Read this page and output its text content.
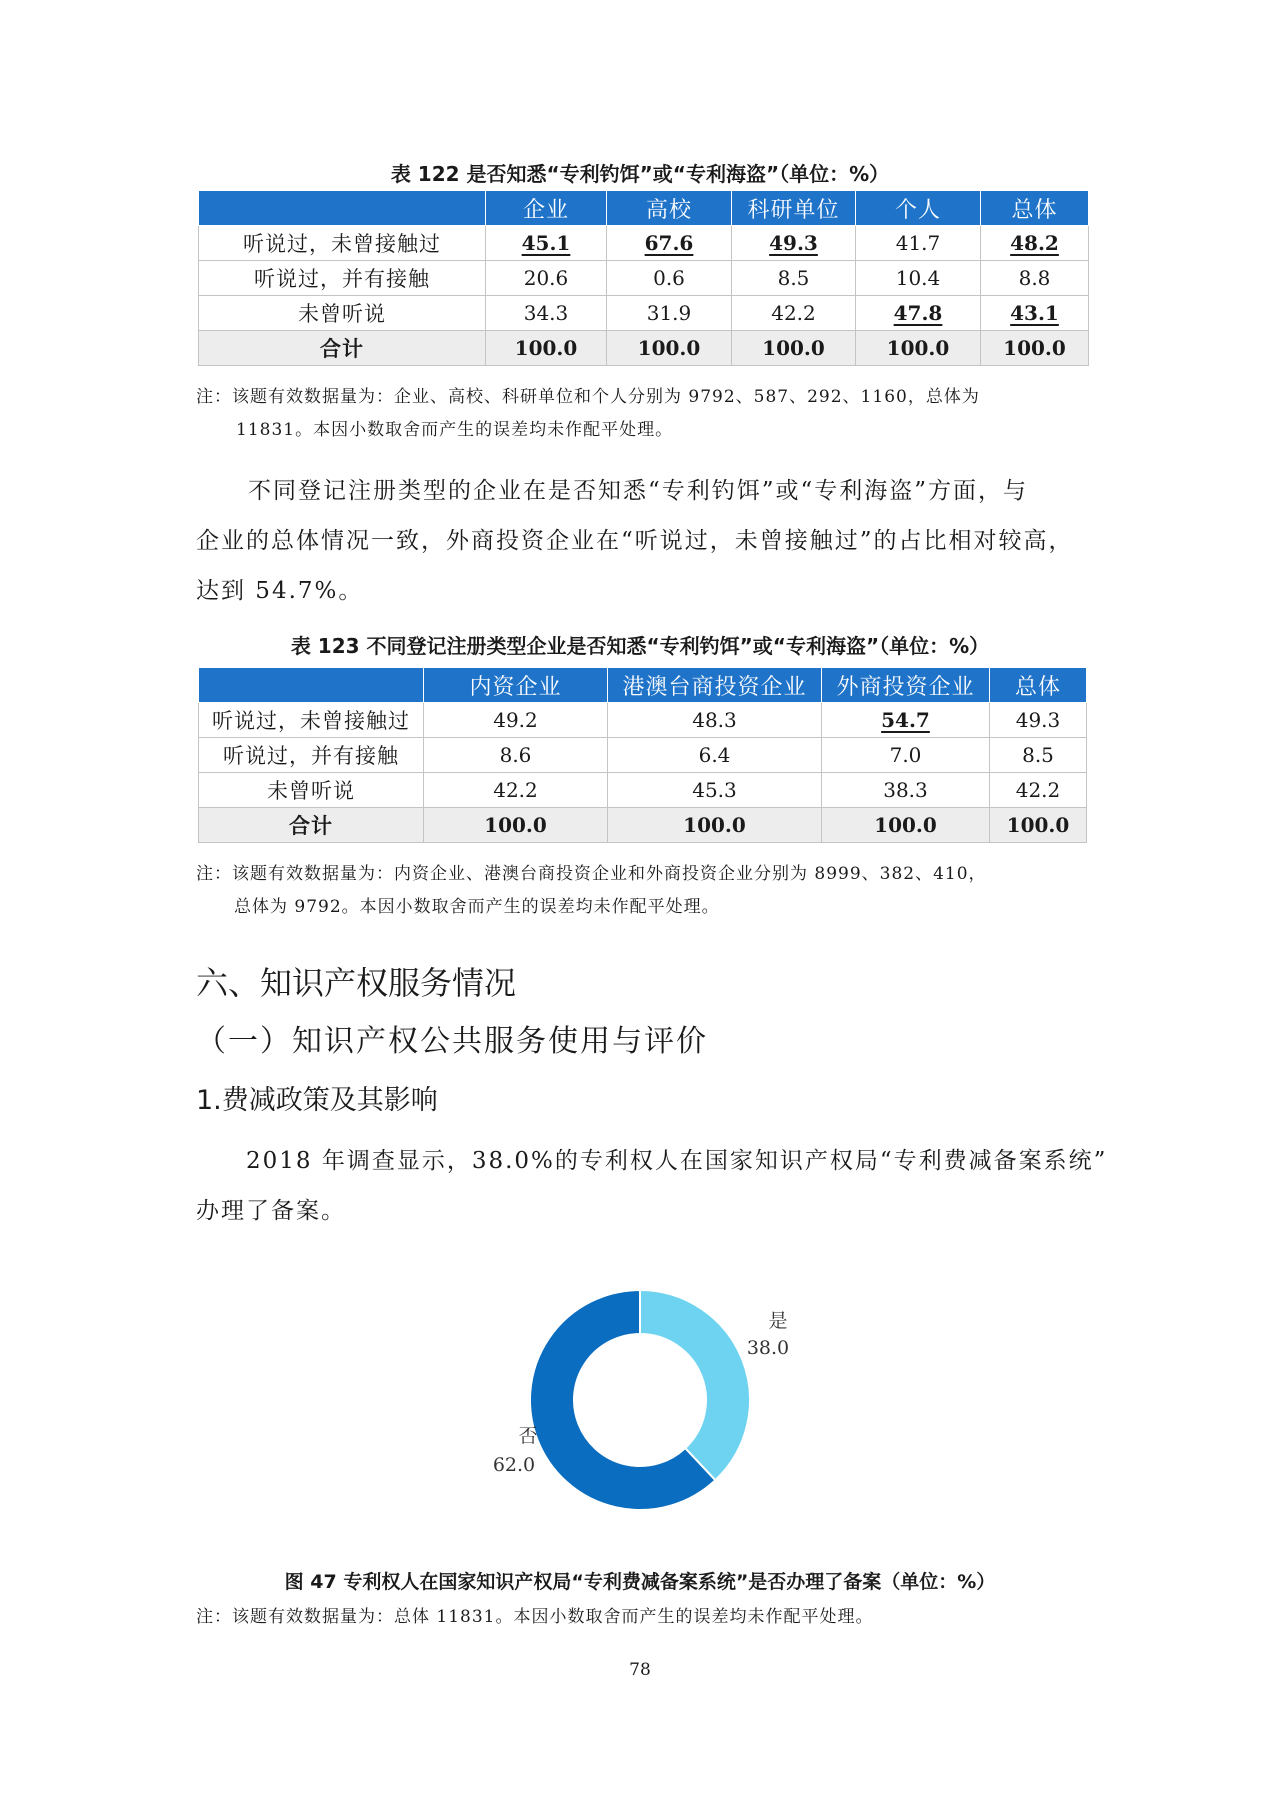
表 122 是否知悉“专利钓饵”或“专利海盗”（单位：%）
	企业	高校	科研单位	个人	总体
听说过，未曾接触过	45.1	67.6	49.3	41.7	48.2
听说过，并有接触	20.6	0.6	8.5	10.4	8.8
未曾听说	34.3	31.9	42.2	47.8	43.1
合计	100.0	100.0	100.0	100.0	100.0
注：该题有效数据量为：企业、高校、科研单位和个人分别为 9792、587、292、1160，总体为
11831。本因小数取舍而产生的误差均未作配平处理。
不同登记注册类型的企业在是否知悉“专利钓饵”或“专利海盗”方面，与
企业的总体情况一致，外商投资企业在“听说过，未曾接触过”的占比相对较高，
达到 54.7%。
表 123 不同登记注册类型企业是否知悉“专利钓饵”或“专利海盗”（单位：%）
	内资企业	港澳台商投资企业	外商投资企业	总体
听说过，未曾接触过	49.2	48.3	54.7	49.3
听说过，并有接触	8.6	6.4	7.0	8.5
未曾听说	42.2	45.3	38.3	42.2
合计	100.0	100.0	100.0	100.0
注：该题有效数据量为：内资企业、港澳台商投资企业和外商投资企业分别为 8999、382、410，
总体为 9792。本因小数取舍而产生的误差均未作配平处理。
六、知识产权服务情况
（一）知识产权公共服务使用与评价
1.费减政策及其影响
2018 年调查显示，38.0%的专利权人在国家知识产权局“专利费减备案系统”
办理了备案。
是
38.0
否
62.0
图 47 专利权人在国家知识产权局“专利费减备案系统”是否办理了备案（单位：%）
注：该题有效数据量为：总体 11831。本因小数取舍而产生的误差均未作配平处理。
78
